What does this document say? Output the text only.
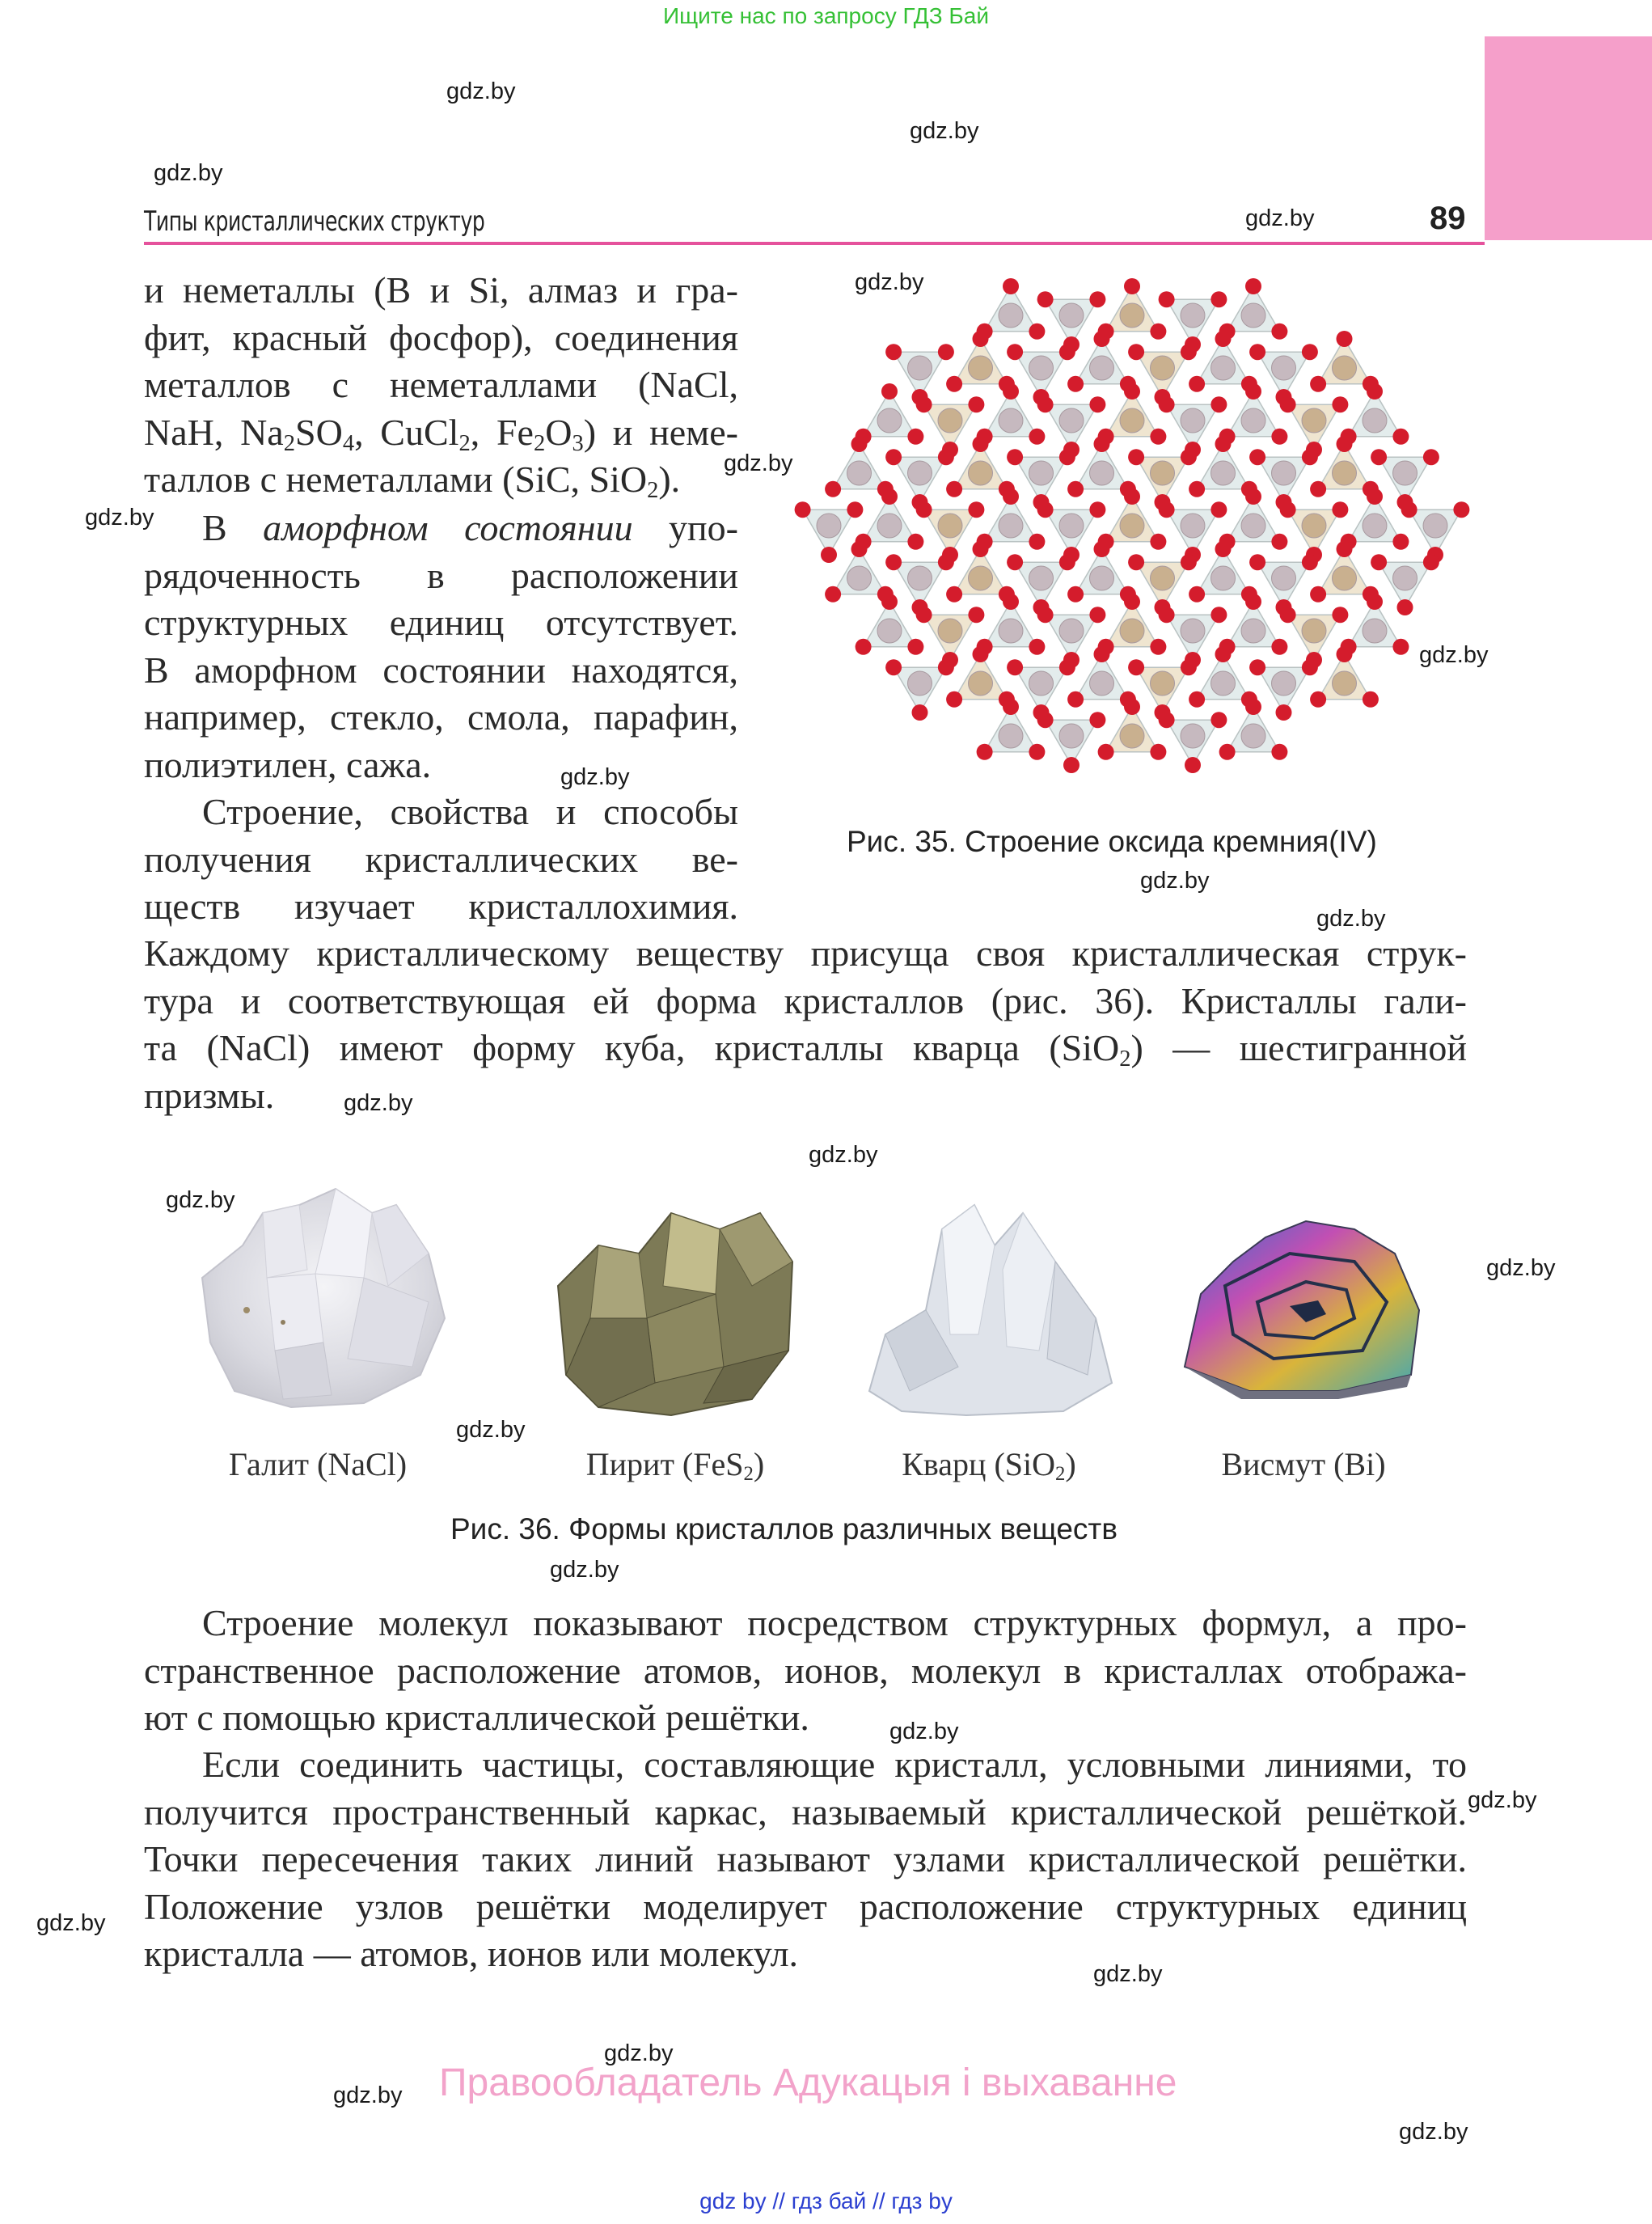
Ищите нас по запросу ГДЗ Бай
Типы кристаллических структур	89
и неметаллы (B и Si, алмаз и гра-
фит, красный фосфор), соединения
металлов с неметаллами (NaCl,
NaH, $Na_2SO_4$, CuCl$_2$, $Fe_2O_3$) и неме-
таллов с неметаллами (SiC, SiO$_2$).
В аморфном состоянии упо-
рядоченность в расположении
структурных единиц отсутствует.
В аморфном состоянии находятся,
например, стекло, смола, парафин,
полиэтилен, сажа.
Строение, свойства и способы
получения кристаллических ве-
ществ изучает кристаллохимия.
Каждому кристаллическому веществу присуща своя кристаллическая струк-
тура и соответствующая ей форма кристаллов (рис. 36). Кристаллы гали-
та (NaCl) имеют форму куба, кристаллы кварца (SiO$_2$) — шестигранной
призмы.
Рис. 35. Строение оксида кремния(IV)
Галит (NaCl)	Пирит (FeS$_2$)	Кварц (SiO$_2$)	Висмут (Bi)
Рис. 36. Формы кристаллов различных веществ
Строение молекул показывают посредством структурных формул, а про-
странственное расположение атомов, ионов, молекул в кристаллах отобража-
ют с помощью кристаллической решётки.
Если соединить частицы, составляющие кристалл, условными линиями, то
получится пространственный каркас, называемый кристаллической решёткой.
Точки пересечения таких линий называют узлами кристаллической решётки.
Положение узлов решётки моделирует расположение структурных единиц
кристалла — атомов, ионов или молекул.
gdz.by
gdz.by
gdz.by
gdz.by
gdz.by
gdz.by
gdz.by
gdz.by
gdz.by
gdz.by
gdz.by
gdz.by
gdz.by
gdz.by
gdz.by
gdz.by
gdz.by
gdz.by
gdz.by
gdz.by
gdz.by
gdz.by
gdz.by
gdz.by
Правообладатель Адукацыя і выхаванне
gdz by // гдз бай // гдз by
